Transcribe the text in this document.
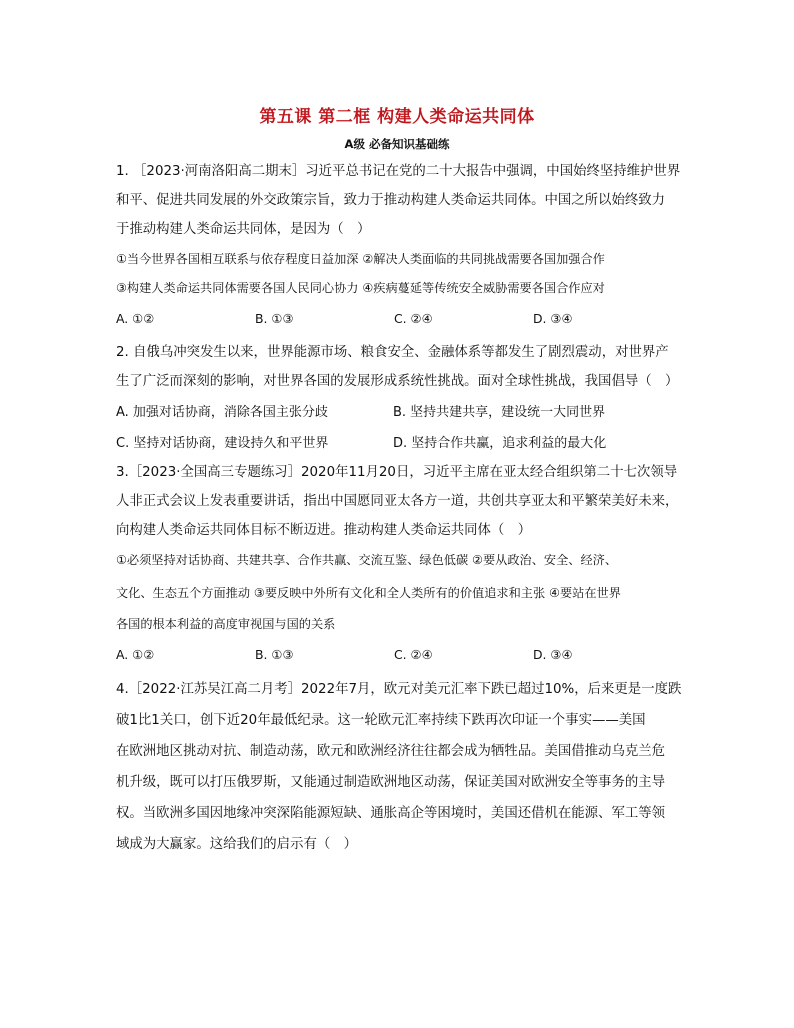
第五课 第二框 构建人类命运共同体
A级 必备知识基础练
1. ［2023·河南洛阳高二期末］习近平总书记在党的二十大报告中强调，中国始终坚持维护世界
和平、促进共同发展的外交政策宗旨，致力于推动构建人类命运共同体。中国之所以始终致力
于推动构建人类命运共同体，是因为（　）
①当今世界各国相互联系与依存程度日益加深 ②解决人类面临的共同挑战需要各国加强合作
③构建人类命运共同体需要各国人民同心协力 ④疾病蔓延等传统安全威胁需要各国合作应对
A. ①②	B. ①③	C. ②④	D. ③④
2. 自俄乌冲突发生以来，世界能源市场、粮食安全、金融体系等都发生了剧烈震动，对世界产
生了广泛而深刻的影响，对世界各国的发展形成系统性挑战。面对全球性挑战，我国倡导（　）
A. 加强对话协商，消除各国主张分歧	B. 坚持共建共享，建设统一大同世界
C. 坚持对话协商，建设持久和平世界	D. 坚持合作共赢，追求利益的最大化
3.［2023·全国高三专题练习］2020年11月20日，习近平主席在亚太经合组织第二十七次领导
人非正式会议上发表重要讲话，指出中国愿同亚太各方一道，共创共享亚太和平繁荣美好未来，
向构建人类命运共同体目标不断迈进。推动构建人类命运共同体（　）
①必须坚持对话协商、共建共享、合作共赢、交流互鉴、绿色低碳 ②要从政治、安全、经济、
文化、生态五个方面推动 ③要反映中外所有文化和全人类所有的价值追求和主张 ④要站在世界
各国的根本利益的高度审视国与国的关系
A. ①②	B. ①③	C. ②④	D. ③④
4.［2022·江苏吴江高二月考］2022年7月，欧元对美元汇率下跌已超过10%，后来更是一度跌
破1比1关口，创下近20年最低纪录。这一轮欧元汇率持续下跌再次印证一个事实——美国
在欧洲地区挑动对抗、制造动荡，欧元和欧洲经济往往都会成为牺牲品。美国借推动乌克兰危
机升级，既可以打压俄罗斯，又能通过制造欧洲地区动荡，保证美国对欧洲安全等事务的主导
权。当欧洲多国因地缘冲突深陷能源短缺、通胀高企等困境时，美国还借机在能源、军工等领
域成为大赢家。这给我们的启示有（　）
